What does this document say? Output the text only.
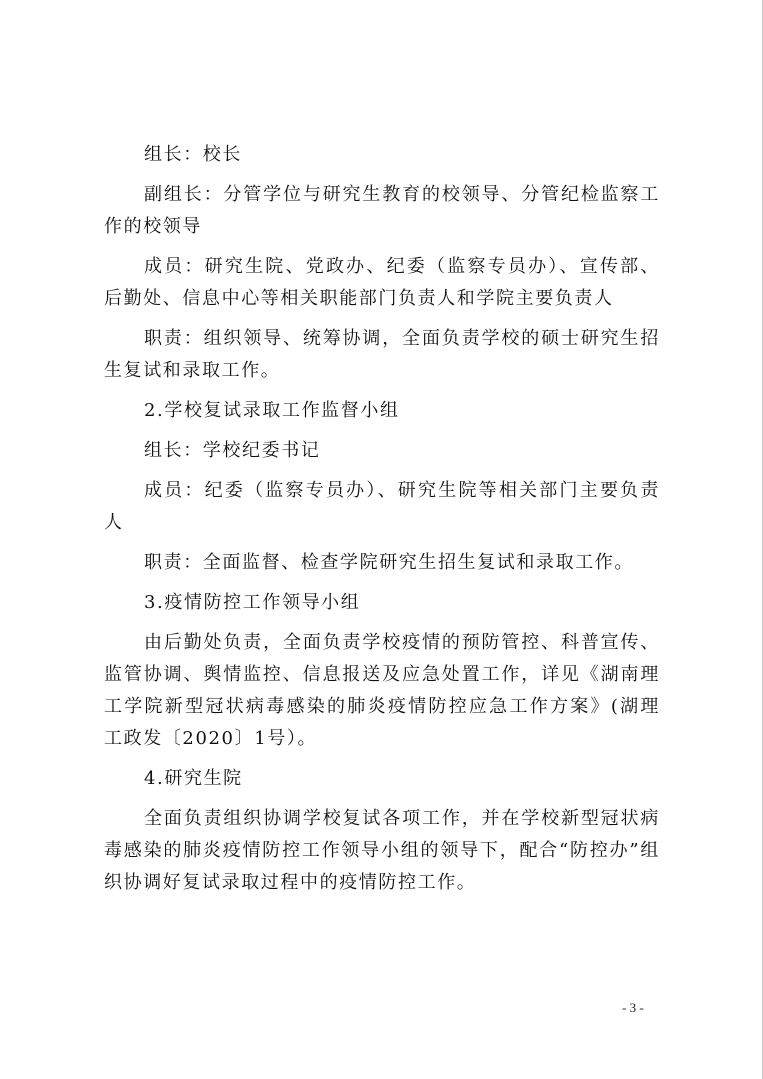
组长：校长

副组长：分管学位与研究生教育的校领导、分管纪检监察工作的校领导

成员：研究生院、党政办、纪委（监察专员办）、宣传部、后勤处、信息中心等相关职能部门负责人和学院主要负责人

职责：组织领导、统筹协调，全面负责学校的硕士研究生招生复试和录取工作。

2.学校复试录取工作监督小组

组长：学校纪委书记

成员：纪委（监察专员办）、研究生院等相关部门主要负责人

职责：全面监督、检查学院研究生招生复试和录取工作。

3.疫情防控工作领导小组

由后勤处负责，全面负责学校疫情的预防管控、科普宣传、监管协调、舆情监控、信息报送及应急处置工作，详见《湖南理工学院新型冠状病毒感染的肺炎疫情防控应急工作方案》(湖理工政发〔2020〕1号）。

4.研究生院

全面负责组织协调学校复试各项工作，并在学校新型冠状病毒感染的肺炎疫情防控工作领导小组的领导下，配合“防控办”组织协调好复试录取过程中的疫情防控工作。

- 3 -
